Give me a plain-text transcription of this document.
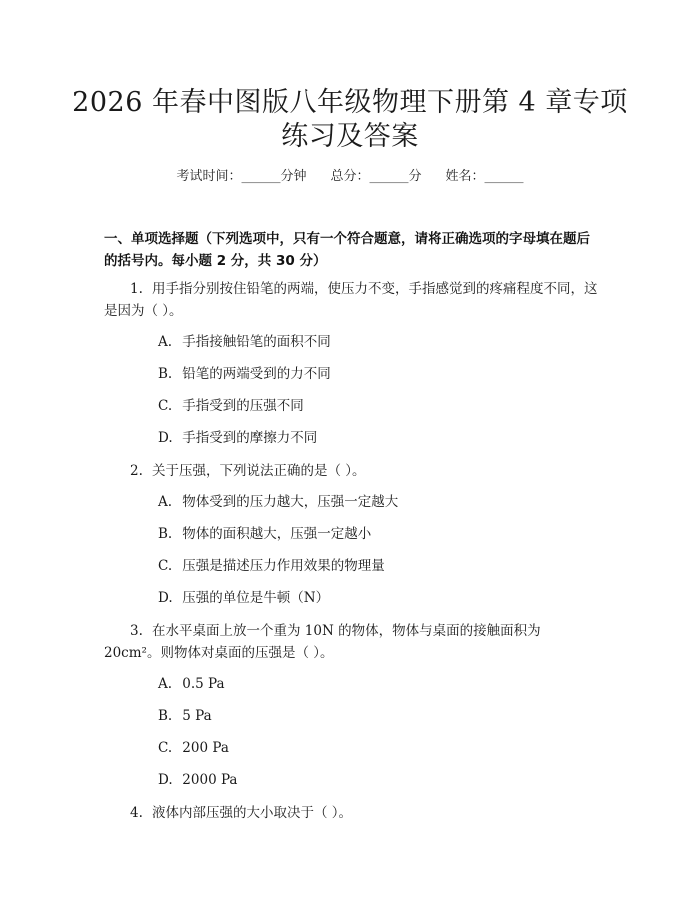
2026 年春中图版八年级物理下册第 4 章专项
练习及答案
考试时间：______分钟 总分：______分 姓名：______

一、单项选择题（下列选项中，只有一个符合题意，请将正确选项的字母填在题后的括号内。每小题 2 分，共 30 分）

1. 用手指分别按住铅笔的两端，使压力不变，手指感觉到的疼痛程度不同，这是因为（ ）。

A. 手指接触铅笔的面积不同

B. 铅笔的两端受到的力不同

C. 手指受到的压强不同

D. 手指受到的摩擦力不同

2. 关于压强，下列说法正确的是（ ）。

A. 物体受到的压力越大，压强一定越大

B. 物体的面积越大，压强一定越小

C. 压强是描述压力作用效果的物理量

D. 压强的单位是牛顿（N）

3. 在水平桌面上放一个重为 10N 的物体，物体与桌面的接触面积为 20cm²。则物体对桌面的压强是（ ）。

A. 0.5 Pa

B. 5 Pa

C. 200 Pa

D. 2000 Pa

4. 液体内部压强的大小取决于（ ）。
